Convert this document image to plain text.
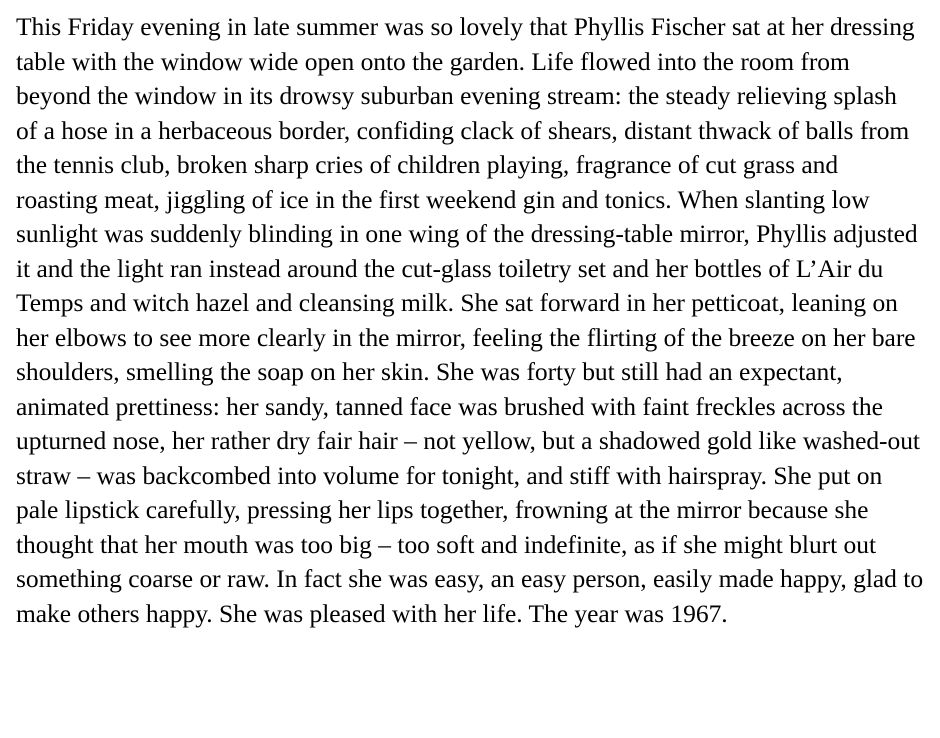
This Friday evening in late summer was so lovely that Phyllis Fischer sat at her dressing table with the window wide open onto the garden. Life flowed into the room from beyond the window in its drowsy suburban evening stream: the steady relieving splash of a hose in a herbaceous border, confiding clack of shears, distant thwack of balls from the tennis club, broken sharp cries of children playing, fragrance of cut grass and roasting meat, jiggling of ice in the first weekend gin and tonics. When slanting low sunlight was suddenly blinding in one wing of the dressing-table mirror, Phyllis adjusted it and the light ran instead around the cut-glass toiletry set and her bottles of L’Air du Temps and witch hazel and cleansing milk. She sat forward in her petticoat, leaning on her elbows to see more clearly in the mirror, feeling the flirting of the breeze on her bare shoulders, smelling the soap on her skin. She was forty but still had an expectant, animated prettiness: her sandy, tanned face was brushed with faint freckles across the upturned nose, her rather dry fair hair – not yellow, but a shadowed gold like washed-out straw – was backcombed into volume for tonight, and stiff with hairspray. She put on pale lipstick carefully, pressing her lips together, frowning at the mirror because she thought that her mouth was too big – too soft and indefinite, as if she might blurt out something coarse or raw. In fact she was easy, an easy person, easily made happy, glad to make others happy. She was pleased with her life. The year was 1967.
